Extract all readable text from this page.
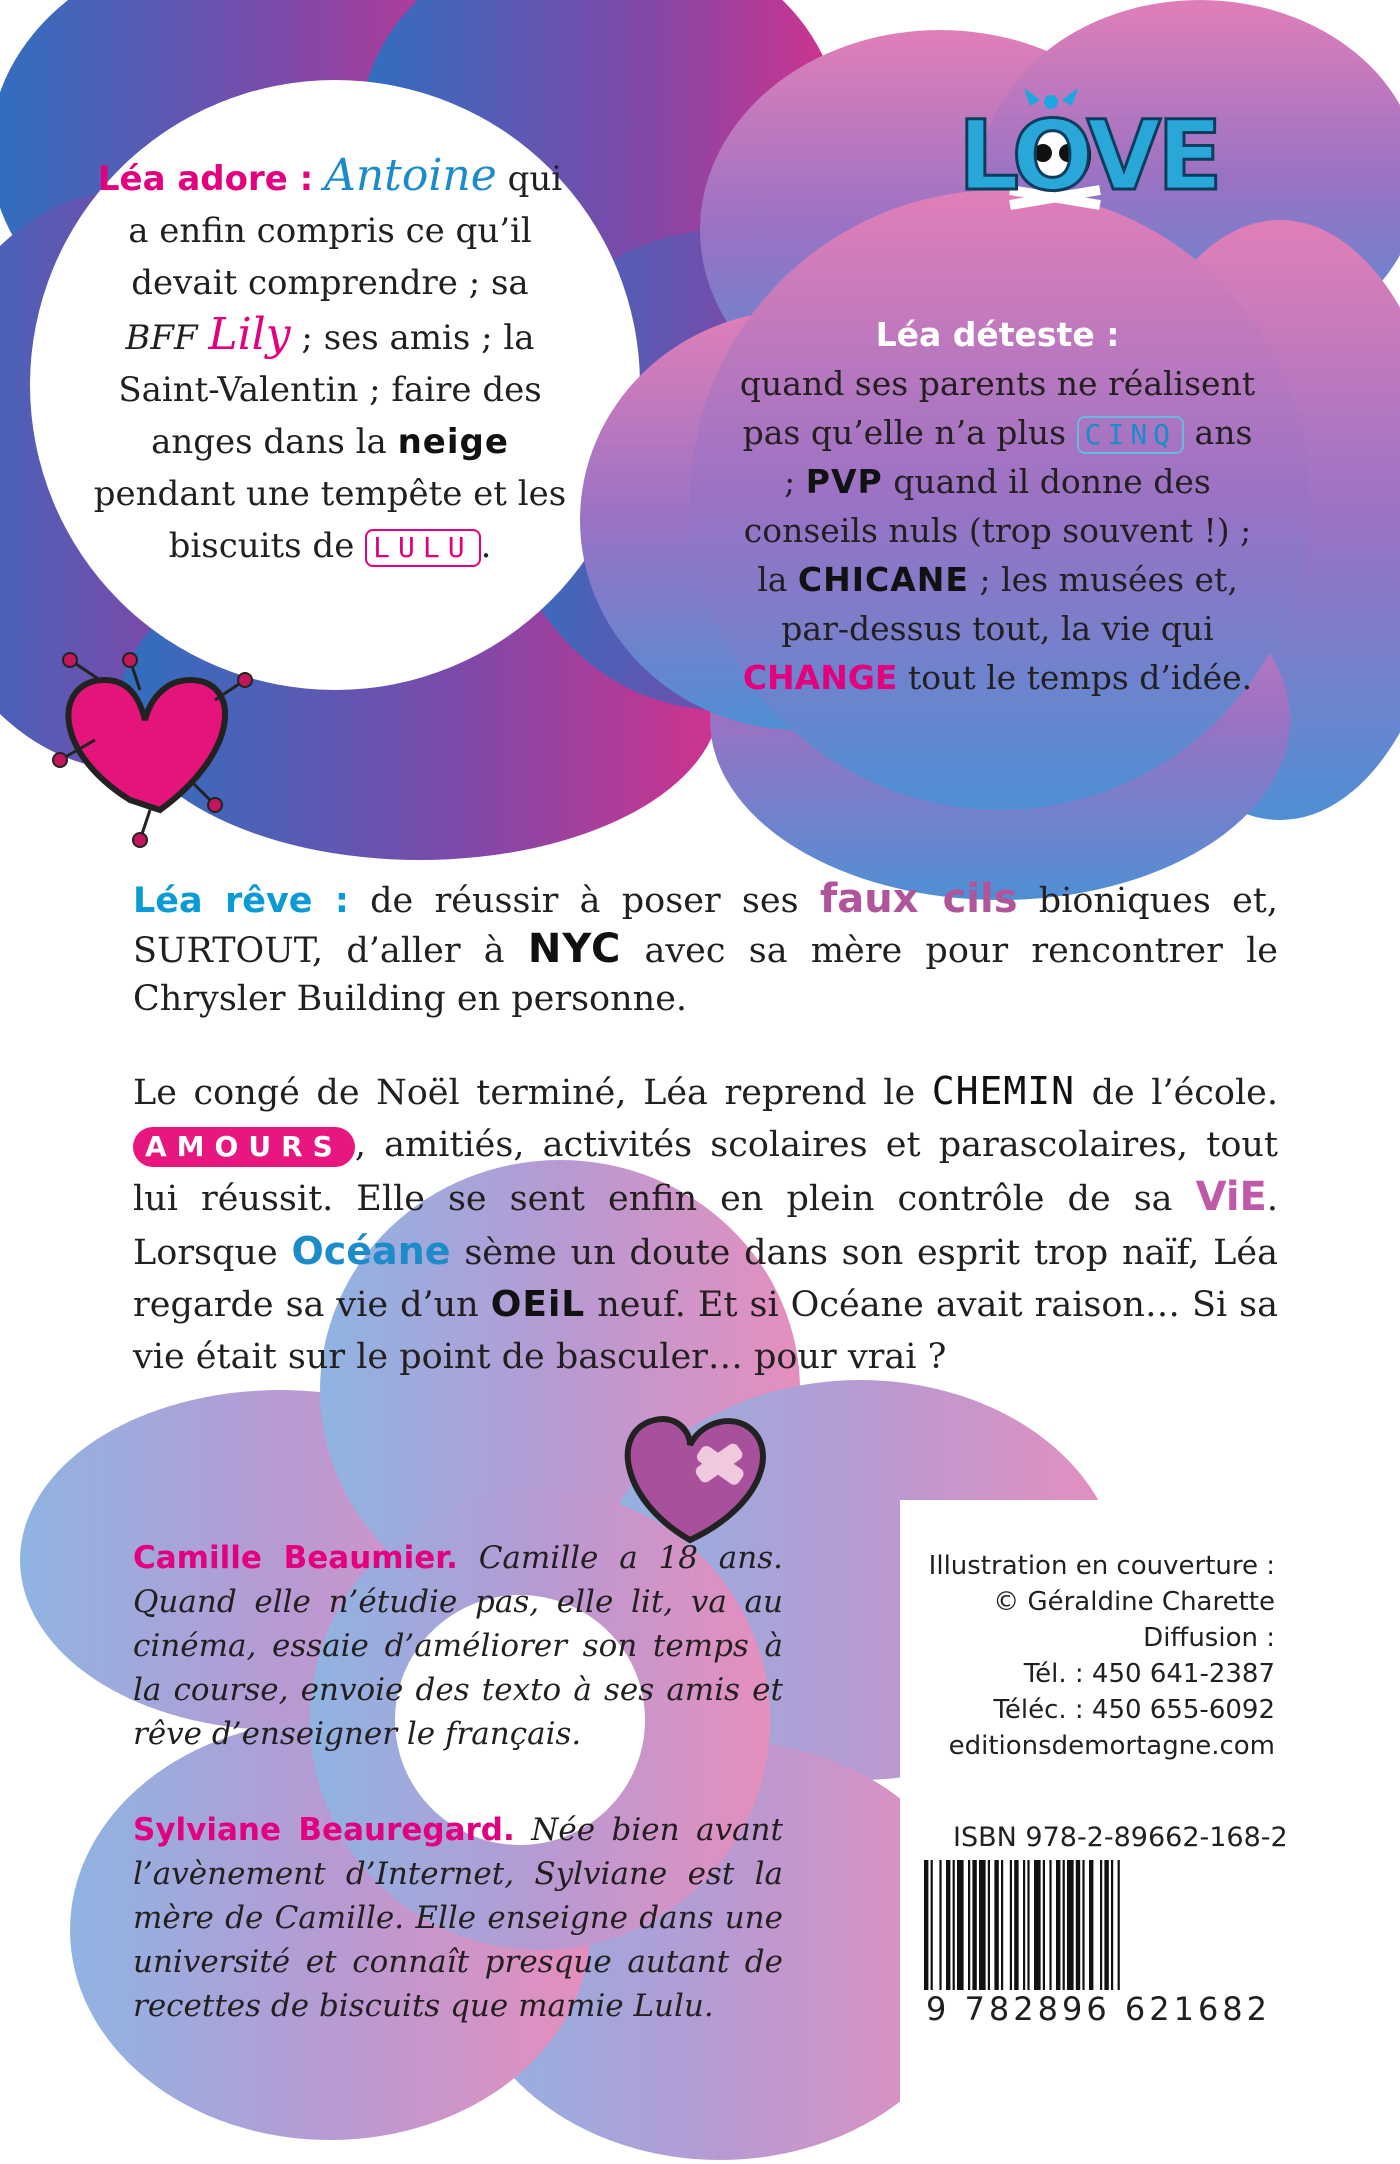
LOVE
Léa adore : Antoine qui a enfin compris ce qu’il devait comprendre ; sa BFF Lily ; ses amis ; la Saint-Valentin ; faire des anges dans la neige pendant une tempête et les biscuits de LULU .
Léa déteste :
quand ses parents ne réalisent pas qu’elle n’a plus CINQ ans ; PVP quand il donne des conseils nuls (trop souvent !) ; la CHICANE ; les musées et, par-dessus tout, la vie qui CHANGE tout le temps d’idée.
Léa rêve : de réussir à poser ses faux cils bioniques et, SURTOUT, d’aller à NYC avec sa mère pour rencontrer le Chrysler Building en personne.
Le congé de Noël terminé, Léa reprend le CHEMIN de l’école. AMOURS , amitiés, activités scolaires et parascolaires, tout lui réussit. Elle se sent enfin en plein contrôle de sa ViE. Lorsque Océane sème un doute dans son esprit trop naïf, Léa regarde sa vie d’un OEiL neuf. Et si Océane avait raison… Si sa vie était sur le point de basculer… pour vrai ?
Camille Beaumier. Camille a 18 ans. Quand elle n’étudie pas, elle lit, va au cinéma, essaie d’améliorer son temps à la course, envoie des texto à ses amis et rêve d’enseigner le français.
Sylviane Beauregard. Née bien avant l’avènement d’Internet, Sylviane est la mère de Camille. Elle enseigne dans une université et connaît presque autant de recettes de biscuits que mamie Lulu.
Illustration en couverture :
© Géraldine Charette
Diffusion :
Tél. : 450 641-2387
Téléc. : 450 655-6092
editionsdemortagne.com
ISBN 978-2-89662-168-2
9 782896 621682
